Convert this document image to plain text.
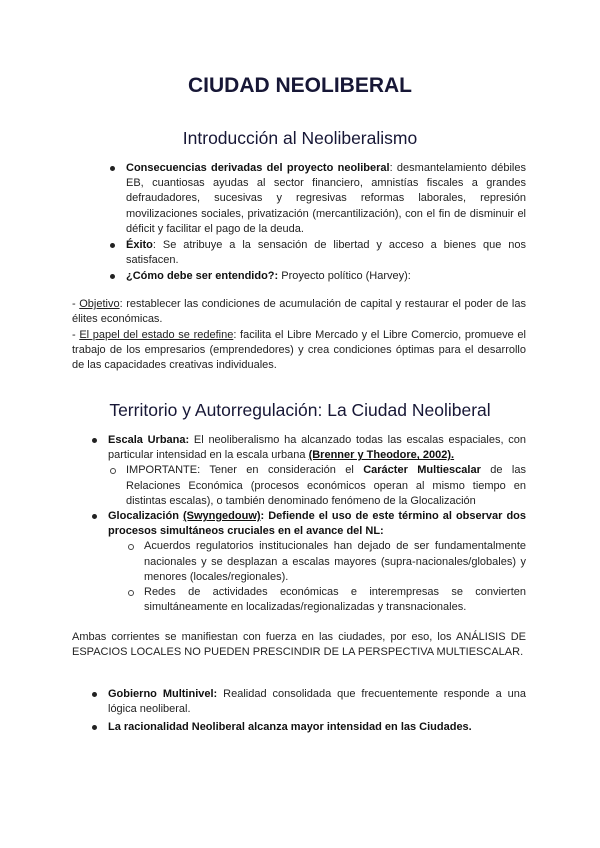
CIUDAD NEOLIBERAL
Introducción al Neoliberalismo
Consecuencias derivadas del proyecto neoliberal: desmantelamiento débiles EB, cuantiosas ayudas al sector financiero, amnistías fiscales a grandes defraudadores, sucesivas y regresivas reformas laborales, represión movilizaciones sociales, privatización (mercantilización), con el fin de disminuir el déficit y facilitar el pago de la deuda.
Éxito: Se atribuye a la sensación de libertad y acceso a bienes que nos satisfacen.
¿Cómo debe ser entendido?: Proyecto político (Harvey):

- Objetivo: restablecer las condiciones de acumulación de capital y restaurar el poder de las élites económicas.

- El papel del estado se redefine: facilita el Libre Mercado y el Libre Comercio, promueve el trabajo de los empresarios (emprendedores) y crea condiciones óptimas para el desarrollo de las capacidades creativas individuales.

Territorio y Autorregulación: La Ciudad Neoliberal
Escala Urbana: El neoliberalismo ha alcanzado todas las escalas espaciales, con particular intensidad en la escala urbana (Brenner y Theodore, 2002).
IMPORTANTE: Tener en consideración el Carácter Multiescalar de las Relaciones Económica (procesos económicos operan al mismo tiempo en distintas escalas), o también denominado fenómeno de la Glocalización
Glocalización (Swyngedouw): Defiende el uso de este término al observar dos procesos simultáneos cruciales en el avance del NL:
Acuerdos regulatorios institucionales han dejado de ser fundamentalmente nacionales y se desplazan a escalas mayores (supra-nacionales/globales) y menores (locales/regionales).
Redes de actividades económicas e interempresas se convierten simultáneamente en localizadas/regionalizadas y transnacionales.

Ambas corrientes se manifiestan con fuerza en las ciudades, por eso, los ANÁLISIS DE ESPACIOS LOCALES NO PUEDEN PRESCINDIR DE LA PERSPECTIVA MULTIESCALAR.

Gobierno Multinivel: Realidad consolidada que frecuentemente responde a una lógica neoliberal.
La racionalidad Neoliberal alcanza mayor intensidad en las Ciudades.
